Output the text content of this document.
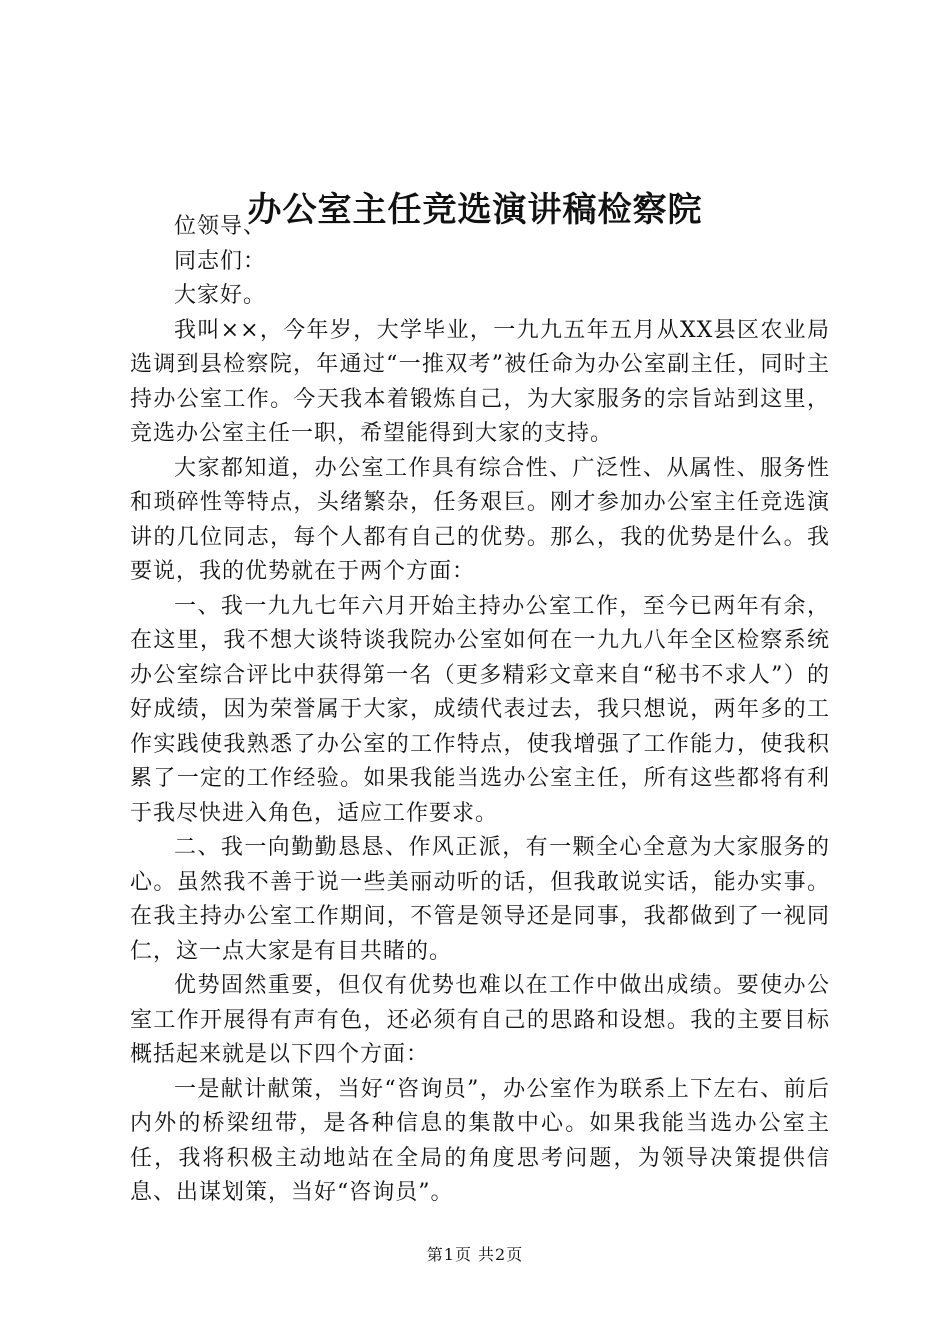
办公室主任竞选演讲稿检察院

位领导、

同志们：

大家好。

我叫××，今年岁，大学毕业，一九九五年五月从XX县区农业局选调到县检察院，年通过“一推双考”被任命为办公室副主任，同时主持办公室工作。今天我本着锻炼自己，为大家服务的宗旨站到这里，竞选办公室主任一职，希望能得到大家的支持。

大家都知道，办公室工作具有综合性、广泛性、从属性、服务性和琐碎性等特点，头绪繁杂，任务艰巨。刚才参加办公室主任竞选演讲的几位同志，每个人都有自己的优势。那么，我的优势是什么。我要说，我的优势就在于两个方面：

一、我一九九七年六月开始主持办公室工作，至今已两年有余，在这里，我不想大谈特谈我院办公室如何在一九九八年全区检察系统办公室综合评比中获得第一名（更多精彩文章来自“秘书不求人”）的好成绩，因为荣誉属于大家，成绩代表过去，我只想说，两年多的工作实践使我熟悉了办公室的工作特点，使我增强了工作能力，使我积累了一定的工作经验。如果我能当选办公室主任，所有这些都将有利于我尽快进入角色，适应工作要求。

二、我一向勤勤恳恳、作风正派，有一颗全心全意为大家服务的心。虽然我不善于说一些美丽动听的话，但我敢说实话，能办实事。在我主持办公室工作期间，不管是领导还是同事，我都做到了一视同仁，这一点大家是有目共睹的。

优势固然重要，但仅有优势也难以在工作中做出成绩。要使办公室工作开展得有声有色，还必须有自己的思路和设想。我的主要目标概括起来就是以下四个方面：

一是献计献策，当好“咨询员”，办公室作为联系上下左右、前后内外的桥梁纽带，是各种信息的集散中心。如果我能当选办公室主任，我将积极主动地站在全局的角度思考问题，为领导决策提供信息、出谋划策，当好“咨询员”。

第1页 共2页
